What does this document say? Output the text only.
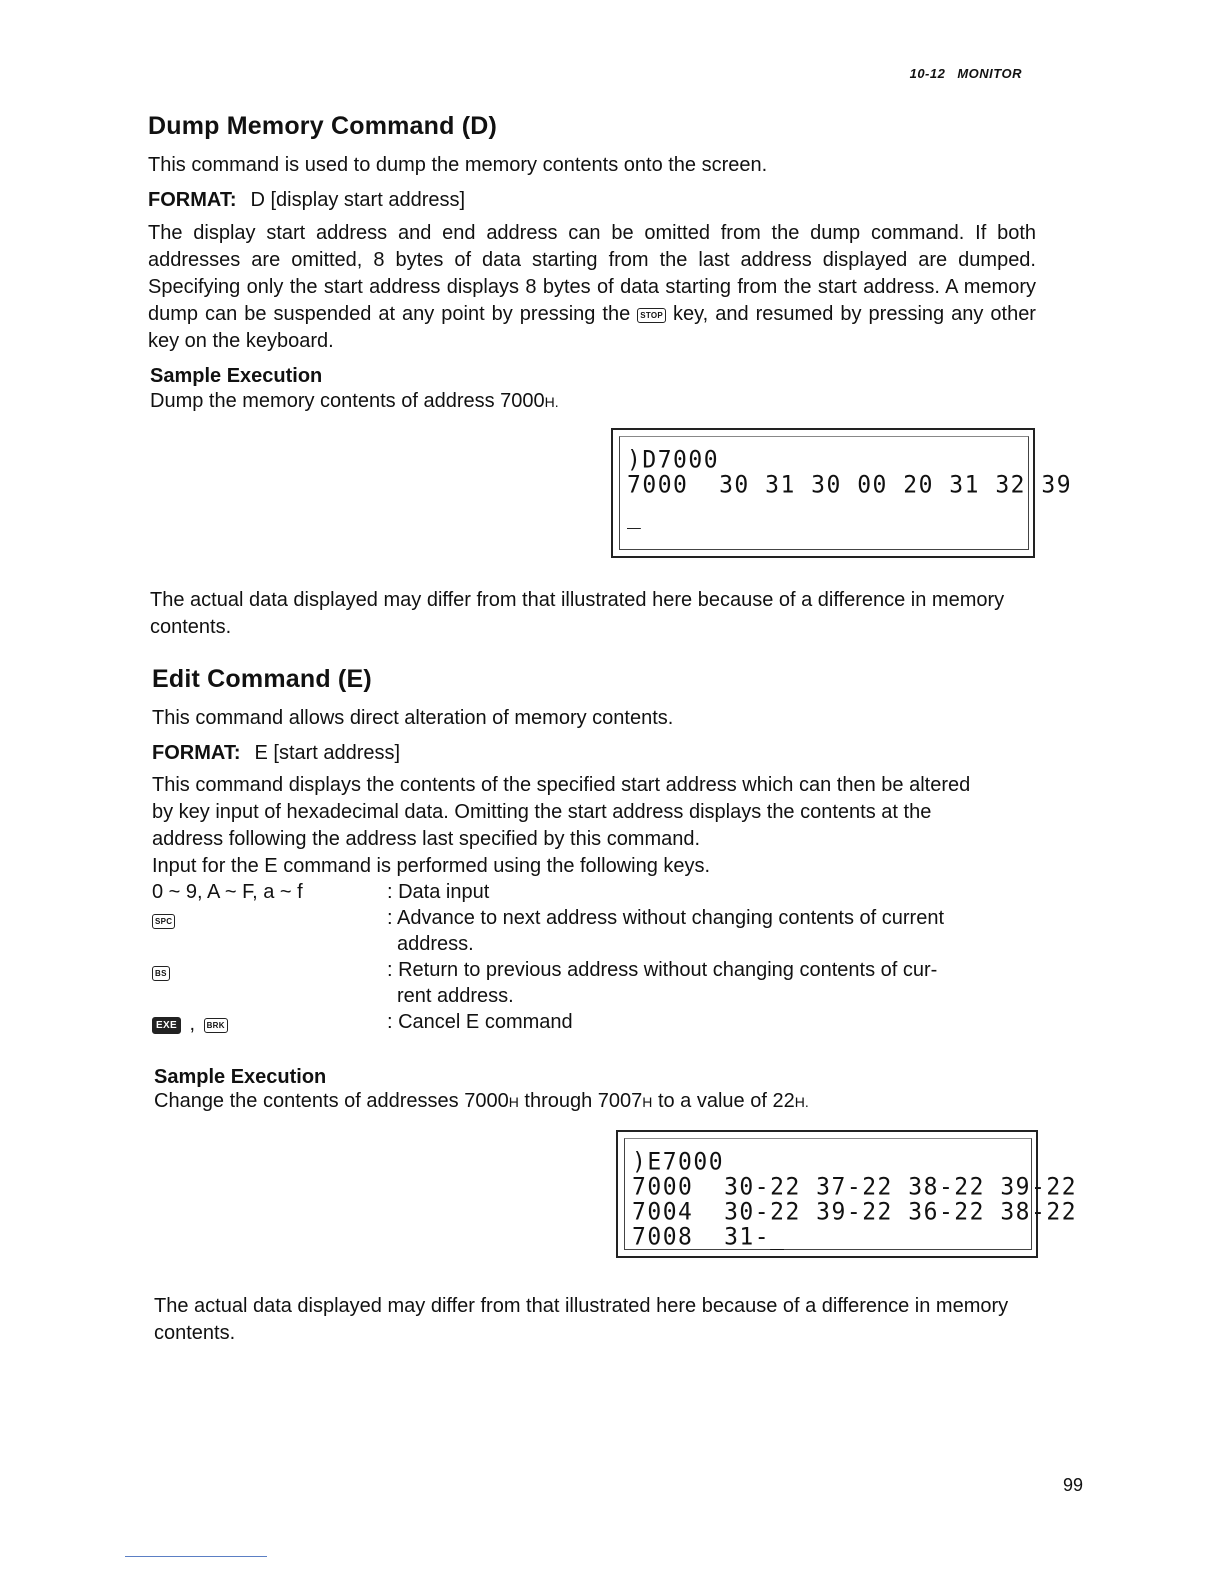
10-12 MONITOR
Dump Memory Command (D)

This command is used to dump the memory contents onto the screen.

FORMAT: D [display start address]

The display start address and end address can be omitted from the dump command. If both addresses are omitted, 8 bytes of data starting from the last address displayed are dumped. Specifying only the start address displays 8 bytes of data starting from the start address. A memory dump can be suspended at any point by pressing the STOP key, and resumed by pressing any other key on the keyboard.

Sample Execution

Dump the memory contents of address 7000H.

)D7000
7000  30 31 30 00 20 31 32 39
_

The actual data displayed may differ from that illustrated here because of a difference in memory contents.

Edit Command (E)

This command allows direct alteration of memory contents.

FORMAT: E [start address]

This command displays the contents of the specified start address which can then be altered
by key input of hexadecimal data. Omitting the start address displays the contents at the
address following the address last specified by this command.
Input for the E command is performed using the following keys.
0 ~ 9, A ~ F, a ~ f	: Data input
SPC	: Advance to next address without changing contents of current
address.
BS	: Return to previous address without changing contents of cur-
rent address.
EXE , BRK	: Cancel E command
Sample Execution

Change the contents of addresses 7000H through 7007H to a value of 22H.

)E7000
7000  30-22 37-22 38-22 39-22
7004  30-22 39-22 36-22 38-22
7008  31-_

The actual data displayed may differ from that illustrated here because of a difference in memory contents.

99
